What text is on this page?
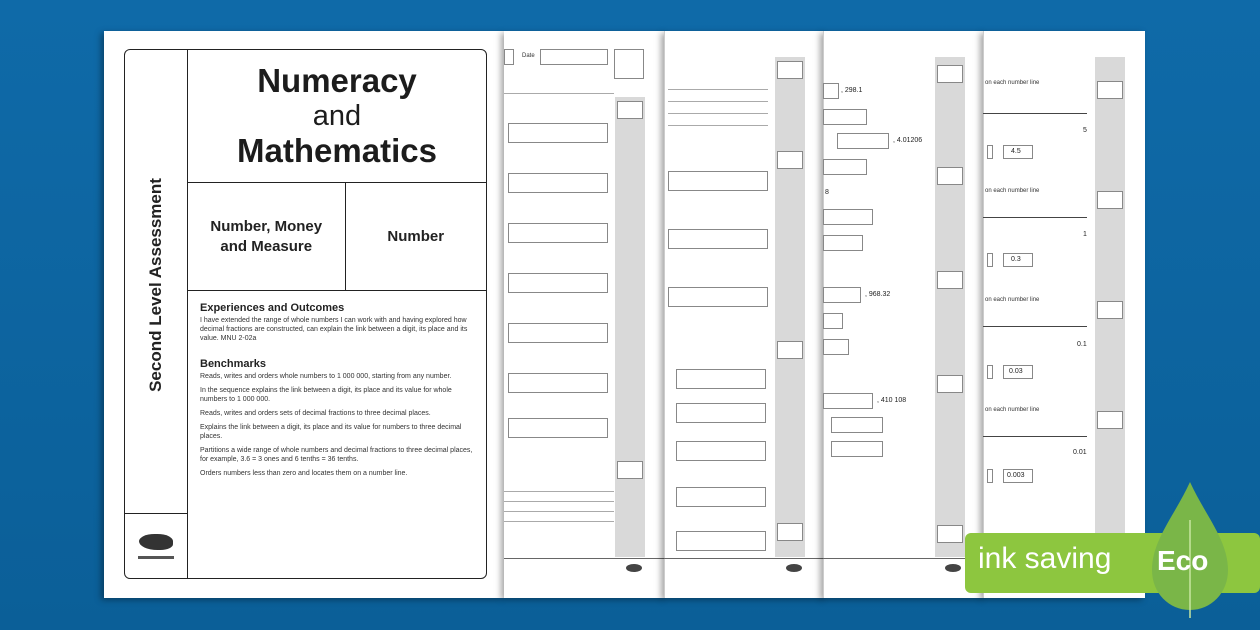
Second Level Assessment
Numeracy
and
Mathematics
Number, Money and Measure
Number
Experiences and Outcomes
I have extended the range of whole numbers I can work with and having explored how decimal fractions are constructed, can explain the link between a digit, its place and its value. MNU 2-02a
Benchmarks
Reads, writes and orders whole numbers to 1 000 000, starting from any number.
In the sequence explains the link between a digit, its place and its value for whole numbers to 1 000 000.
Reads, writes and orders sets of decimal fractions to three decimal places.
Explains the link between a digit, its place and its value for numbers to three decimal places.
Partitions a wide range of whole numbers and decimal fractions to three decimal places, for example, 3.6 = 3 ones and 6 tenths = 36 tenths.
Orders numbers less than zero and locates them on a number line.
Date
, 298.1
, 4.01206
8
, 968.32
, 410 108
on each number line
5
4.5
on each number line
1
0.3
on each number line
0.1
0.03
on each number line
0.01
0.003
ink saving Eco
